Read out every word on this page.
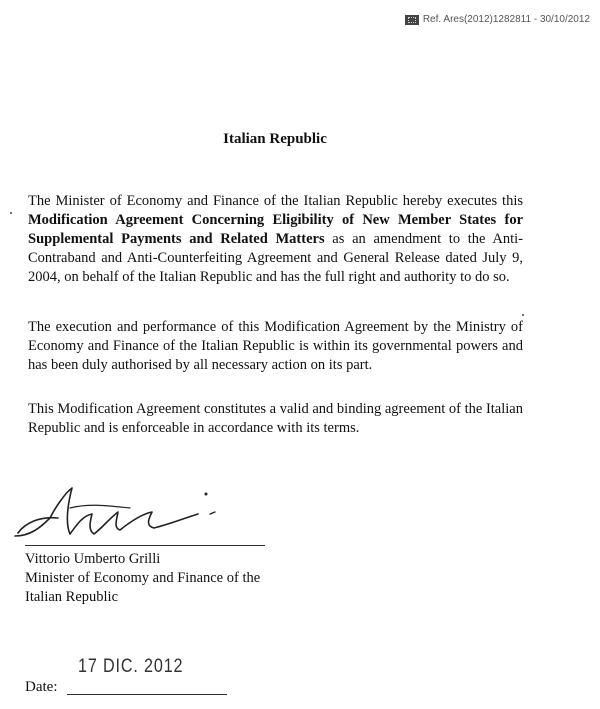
Ref. Ares(2012)1282811 - 30/10/2012
Italian Republic

The Minister of Economy and Finance of the Italian Republic hereby executes this Modification Agreement Concerning Eligibility of New Member States for Supplemental Payments and Related Matters as an amendment to the Anti-Contraband and Anti-Counterfeiting Agreement and General Release dated July 9, 2004, on behalf of the Italian Republic and has the full right and authority to do so.

The execution and performance of this Modification Agreement by the Ministry of Economy and Finance of the Italian Republic is within its governmental powers and has been duly authorised by all necessary action on its part.

This Modification Agreement constitutes a valid and binding agreement of the Italian Republic and is enforceable in accordance with its terms.

Vittorio Umberto Grilli
Minister of Economy and Finance of the
Italian Republic
17 DIC. 2012
Date:
